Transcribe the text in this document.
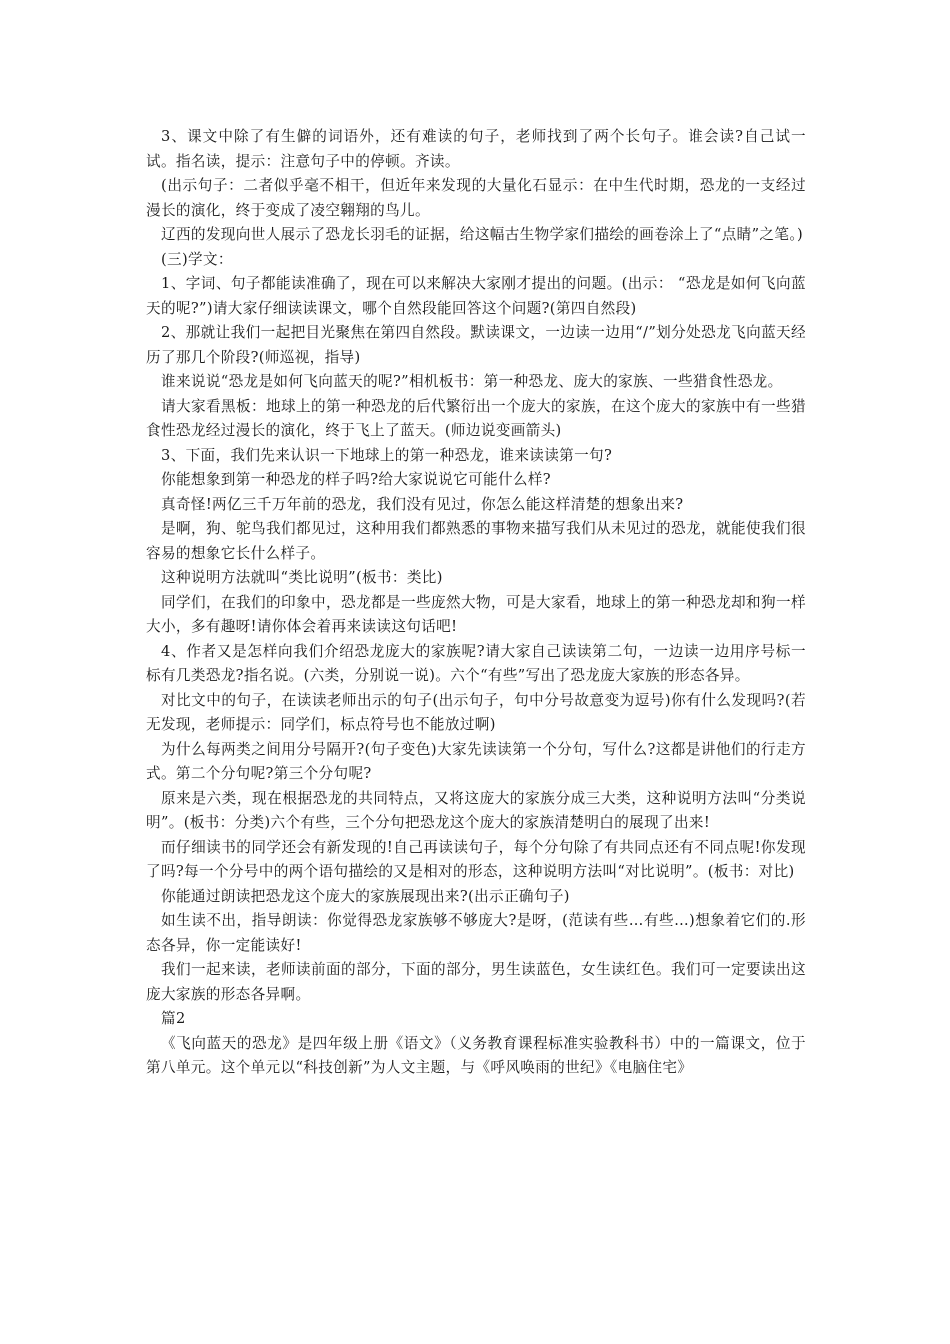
3、课文中除了有生僻的词语外，还有难读的句子，老师找到了两个长句子。谁会读?自己试一试。指名读，提示：注意句子中的停顿。齐读。

(出示句子：二者似乎毫不相干，但近年来发现的大量化石显示：在中生代时期，恐龙的一支经过漫长的演化，终于变成了凌空翱翔的鸟儿。

辽西的发现向世人展示了恐龙长羽毛的证据，给这幅古生物学家们描绘的画卷涂上了“点睛”之笔。)

(三)学文：

1、字词、句子都能读准确了，现在可以来解决大家刚才提出的问题。(出示： “恐龙是如何飞向蓝天的呢?”)请大家仔细读读课文，哪个自然段能回答这个问题?(第四自然段)

2、那就让我们一起把目光聚焦在第四自然段。默读课文，一边读一边用“/”划分处恐龙飞向蓝天经历了那几个阶段?(师巡视，指导)

谁来说说“恐龙是如何飞向蓝天的呢?”相机板书：第一种恐龙、庞大的家族、一些猎食性恐龙。

请大家看黑板：地球上的第一种恐龙的后代繁衍出一个庞大的家族，在这个庞大的家族中有一些猎食性恐龙经过漫长的演化，终于飞上了蓝天。(师边说变画箭头)

3、下面，我们先来认识一下地球上的第一种恐龙，谁来读读第一句?

你能想象到第一种恐龙的样子吗?给大家说说它可能什么样?

真奇怪!两亿三千万年前的恐龙，我们没有见过，你怎么能这样清楚的想象出来?

是啊，狗、鸵鸟我们都见过，这种用我们都熟悉的事物来描写我们从未见过的恐龙，就能使我们很容易的想象它长什么样子。

这种说明方法就叫“类比说明”(板书：类比)

同学们，在我们的印象中，恐龙都是一些庞然大物，可是大家看，地球上的第一种恐龙却和狗一样大小，多有趣呀!请你体会着再来读读这句话吧!

4、作者又是怎样向我们介绍恐龙庞大的家族呢?请大家自己读读第二句，一边读一边用序号标一标有几类恐龙?指名说。(六类，分别说一说)。六个“有些”写出了恐龙庞大家族的形态各异。

对比文中的句子，在读读老师出示的句子(出示句子，句中分号故意变为逗号)你有什么发现吗?(若无发现，老师提示：同学们，标点符号也不能放过啊)

为什么每两类之间用分号隔开?(句子变色)大家先读读第一个分句，写什么?这都是讲他们的行走方式。第二个分句呢?第三个分句呢?

原来是六类，现在根据恐龙的共同特点，又将这庞大的家族分成三大类，这种说明方法叫“分类说明”。(板书：分类)六个有些，三个分句把恐龙这个庞大的家族清楚明白的展现了出来!

而仔细读书的同学还会有新发现的!自己再读读句子，每个分句除了有共同点还有不同点呢!你发现了吗?每一个分号中的两个语句描绘的又是相对的形态，这种说明方法叫“对比说明”。(板书：对比)

你能通过朗读把恐龙这个庞大的家族展现出来?(出示正确句子)

如生读不出，指导朗读：你觉得恐龙家族够不够庞大?是呀，(范读有些…有些…)想象着它们的.形态各异，你一定能读好!

我们一起来读，老师读前面的部分，下面的部分，男生读蓝色，女生读红色。我们可一定要读出这庞大家族的形态各异啊。

篇2

《飞向蓝天的恐龙》是四年级上册《语文》（义务教育课程标准实验教科书）中的一篇课文，位于第八单元。这个单元以“科技创新”为人文主题，与《呼风唤雨的世纪》《电脑住宅》
